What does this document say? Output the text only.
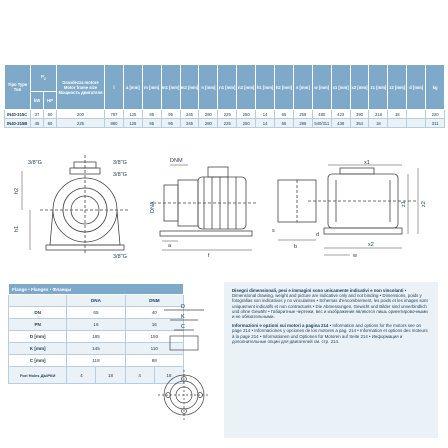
Tipo Type Тип	$P_2$		Grandezza motore Motor frame size Мощность двигателя	l	a [mm]	m [mm]	m1 [mm]	m2 [mm]	n [mm]	n1 [mm]	n2 [mm]	h1 [mm]	h2 [mm]	s [mm]	w [mm]	x1 [mm]	x2 [mm]	z1 [mm]	z2 [mm]	d [mm]	kg
	kW	HP																			
IN40-315C	37	50	200	787	125	95	95	345	280	225	250	14	65	256	480	423	390	318	18		220
IN40-315B	45	60	225	880	125	95	95	345	280	225	250	14	65	286	540/311	438	354	18			311
h1
h2
3/8"G	3/8"G
3/8"G
3/8"G
DNM
DNA
a
f
x1
x2
z1	z2
b
s
d
w
Flange • Flanges • Фланцы				
	DNA		DNM	
DN	65		40	
PN	16		16	
D [mm]	185		150	
K [mm]	145		110	
C [mm]	118		88	
Fori Holes ДЫРКИ	4	18	4	18
D
K
C

Disegni dimensionali, pesi e immagini sono unicamente indicativi e non vincolanti • Dimensional drawing, weight and picture are indicative only and not binding • Dimensions, poids y fotografias son indicativos y no vinculantes • Schemas d'encombrement, les poids et les images sont uniquement indicatifs et non contractuels • Die Abmessungen, Gewicht und Bilder sind unverbindlich und ohne Gewähr • Габаритные чертежи, вес и изображения являются лишь ориентировочными и не обязательными.

Informazioni e opzioni sui motori a pagina 214 • Information and options for the motors see on page 214 • Informaciones y opciones de los motores a pag. 214 • Information et options des moteurs à la page 214 • Informationen und Optionen für Motoren auf Seite 214 • Информация и дополнительные опции для двигателей см. стр. 214.
